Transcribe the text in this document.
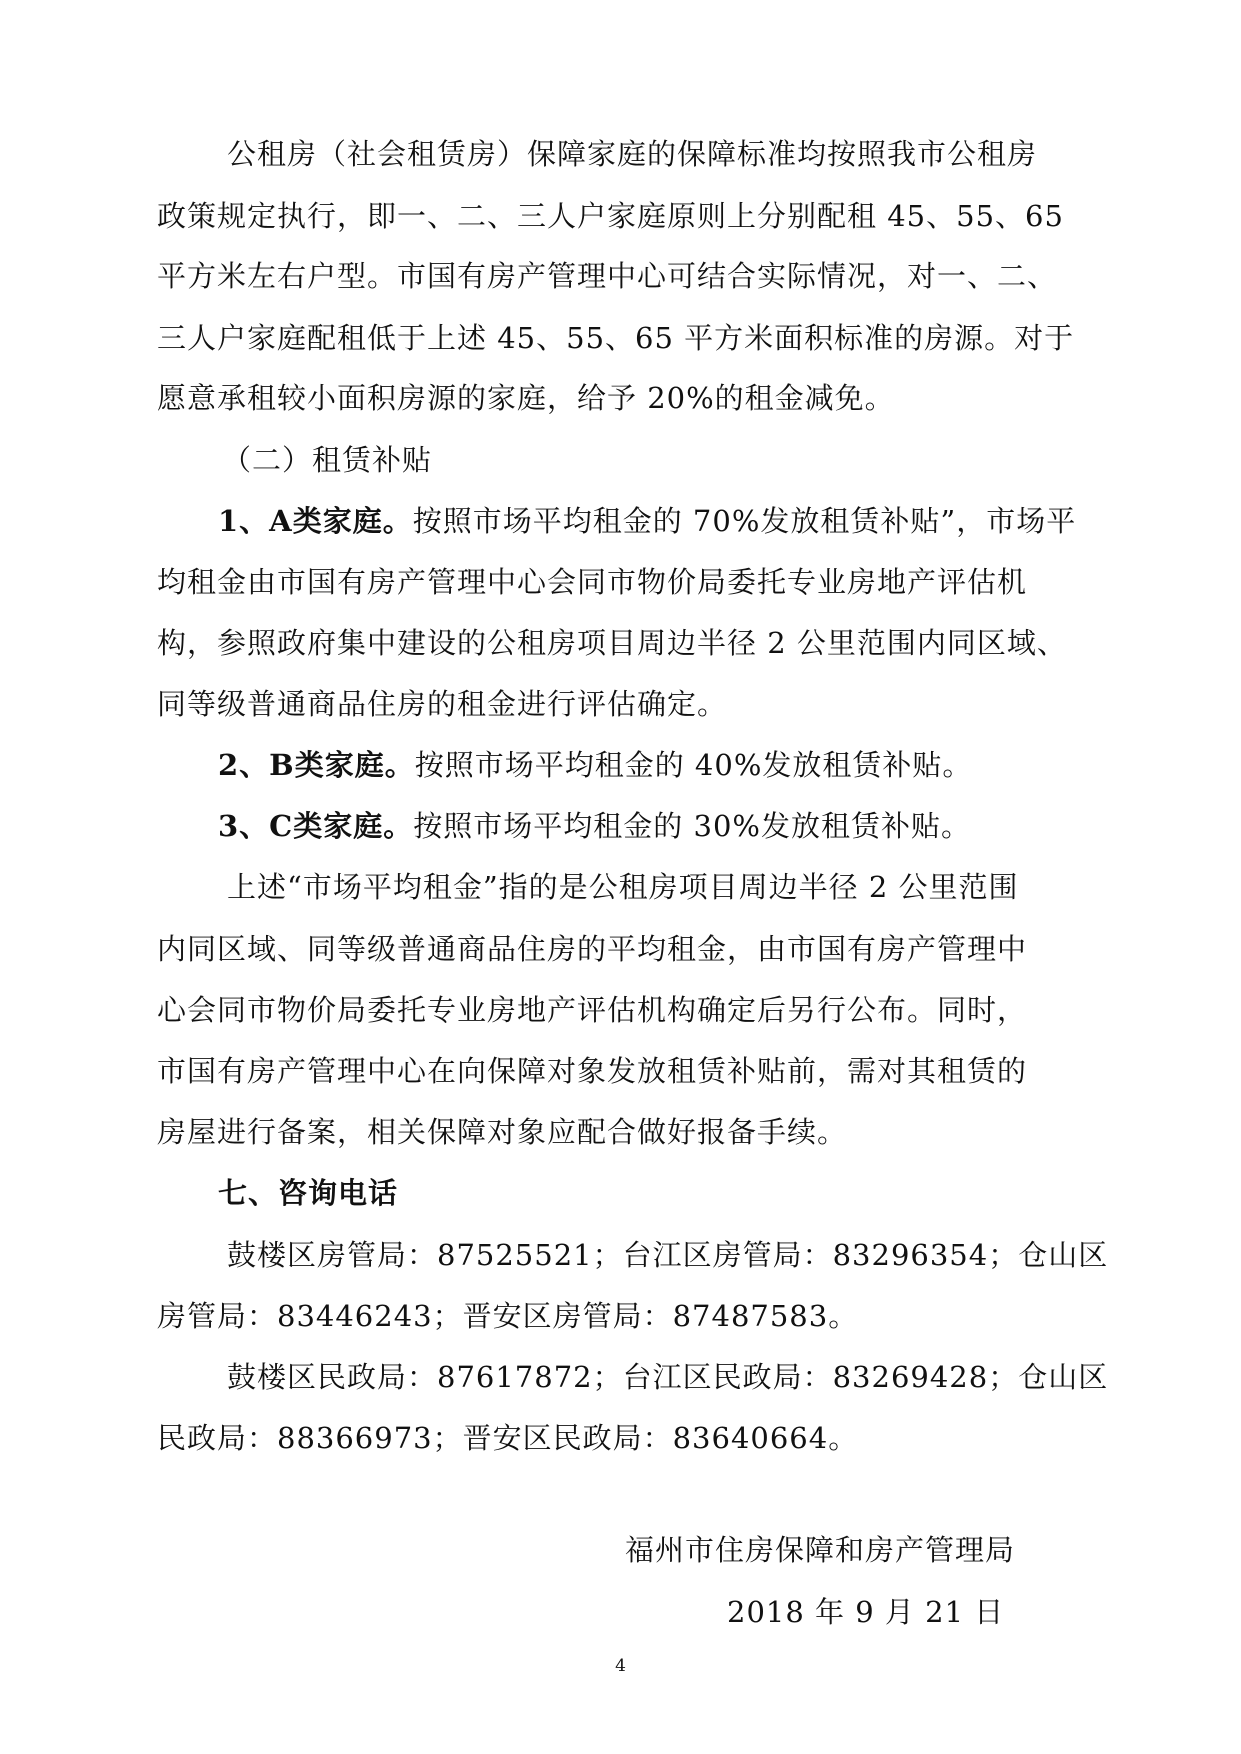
公租房（社会租赁房）保障家庭的保障标准均按照我市公租房
政策规定执行，即一、二、三人户家庭原则上分别配租 45、55、65
平方米左右户型。市国有房产管理中心可结合实际情况，对一、二、
三人户家庭配租低于上述 45、55、65 平方米面积标准的房源。对于
愿意承租较小面积房源的家庭，给予 20%的租金减免。
（二）租赁补贴
1、A类家庭。按照市场平均租金的 70%发放租赁补贴”，市场平
均租金由市国有房产管理中心会同市物价局委托专业房地产评估机
构，参照政府集中建设的公租房项目周边半径 2 公里范围内同区域、
同等级普通商品住房的租金进行评估确定。
2、B类家庭。按照市场平均租金的 40%发放租赁补贴。
3、C类家庭。按照市场平均租金的 30%发放租赁补贴。
上述“市场平均租金”指的是公租房项目周边半径 2 公里范围
内同区域、同等级普通商品住房的平均租金，由市国有房产管理中
心会同市物价局委托专业房地产评估机构确定后另行公布。同时，
市国有房产管理中心在向保障对象发放租赁补贴前，需对其租赁的
房屋进行备案，相关保障对象应配合做好报备手续。
七、咨询电话
鼓楼区房管局：87525521；台江区房管局：83296354；仓山区
房管局：83446243；晋安区房管局：87487583。
鼓楼区民政局：87617872；台江区民政局：83269428；仓山区
民政局：88366973；晋安区民政局：83640664。
福州市住房保障和房产管理局
2018 年 9 月 21 日
4
